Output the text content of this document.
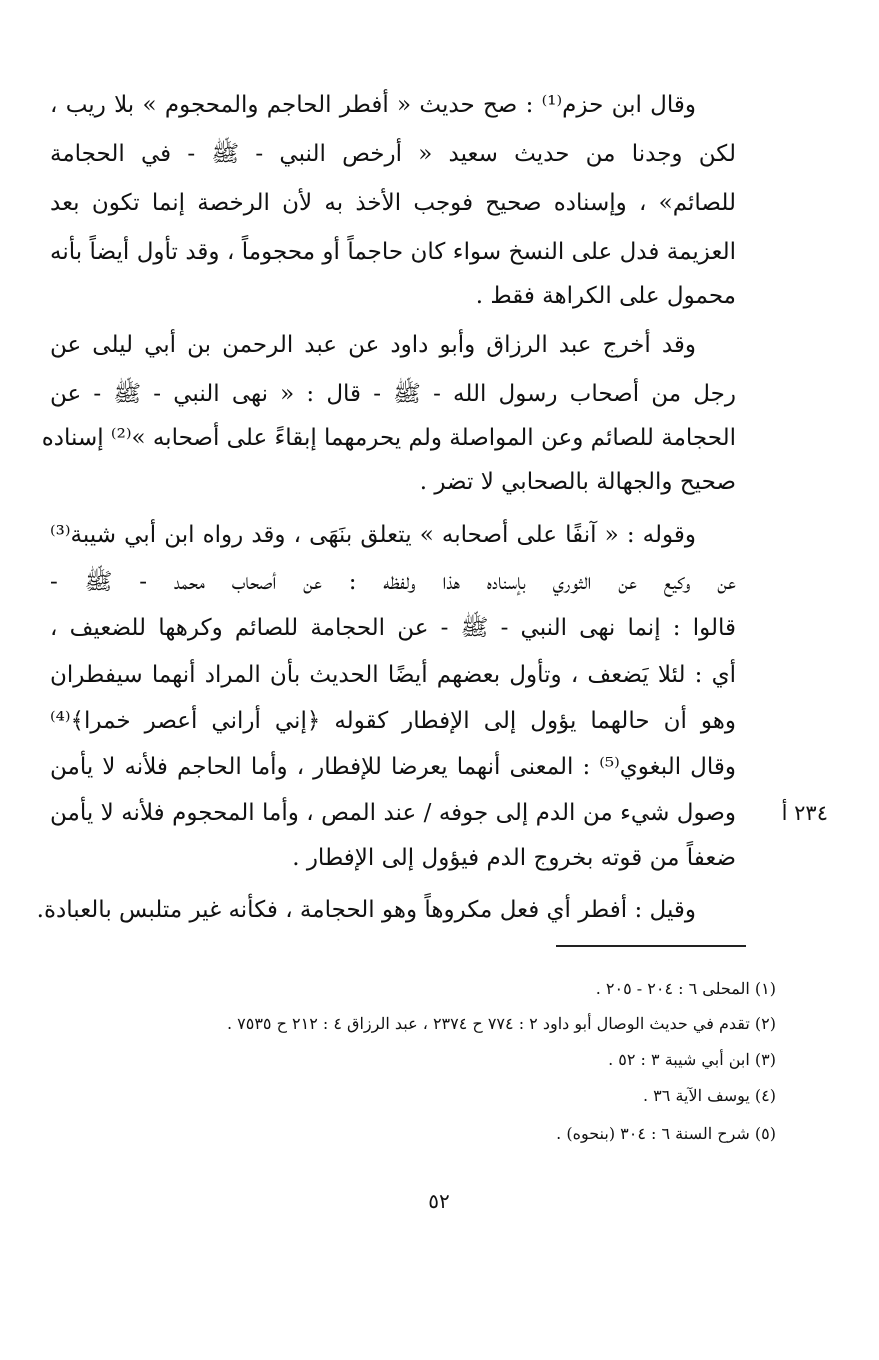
وقال ابن حزم⁽¹⁾ : صح حديث « أفطر الحاجم والمحجوم » بلا ريب ،
لكن وجدنا من حديث سعيد « أرخص النبي - ﷺ - في الحجامة
للصائم» ، وإسناده صحيح فوجب الأخذ به لأن الرخصة إنما تكون بعد
العزيمة فدل على النسخ سواء كان حاجماً أو محجوماً ، وقد تأول أيضاً بأنه
محمول على الكراهة فقط .
وقد أخرج عبد الرزاق وأبو داود عن عبد الرحمن بن أبي ليلى عن
رجل من أصحاب رسول الله - ﷺ - قال : « نهى النبي - ﷺ - عن
الحجامة للصائم وعن المواصلة ولم يحرمهما إبقاءً على أصحابه »⁽²⁾ إسناده
صحيح والجهالة بالصحابي لا تضر .
وقوله : « آنفًا على أصحابه » يتعلق بنَهَى ، وقد رواه ابن أبي شيبة⁽³⁾
عن وكيع عن الثوري بإسناده هذا ولفظه : عن أصحاب محمد - ﷺ -
قالوا : إنما نهى النبي - ﷺ - عن الحجامة للصائم وكرهها للضعيف ،
أي : لئلا يَضعف ، وتأول بعضهم أيضًا الحديث بأن المراد أنهما سيفطران
وهو أن حالهما يؤول إلى الإفطار كقوله ﴿إني أراني أعصر خمرا﴾⁽⁴⁾
وقال البغوي⁽⁵⁾ : المعنى أنهما يعرضا للإفطار ، وأما الحاجم فلأنه لا يأمن
وصول شيء من الدم إلى جوفه / عند المص ، وأما المحجوم فلأنه لا يأمن	٢٣٤ أ
ضعفاً من قوته بخروج الدم فيؤول إلى الإفطار .
وقيل : أفطر أي فعل مكروهاً وهو الحجامة ، فكأنه غير متلبس بالعبادة.
(١) المحلى ٦ : ٢٠٤ - ٢٠٥ .
(٢) تقدم في حديث الوصال أبو داود ٢ : ٧٧٤ ح ٢٣٧٤ ، عبد الرزاق ٤ : ٢١٢ ح ٧٥٣٥ .
(٣) ابن أبي شيبة ٣ : ٥٢ .
(٤) يوسف الآية ٣٦ .
(٥) شرح السنة ٦ : ٣٠٤ (بنحوه) .
٥٢
